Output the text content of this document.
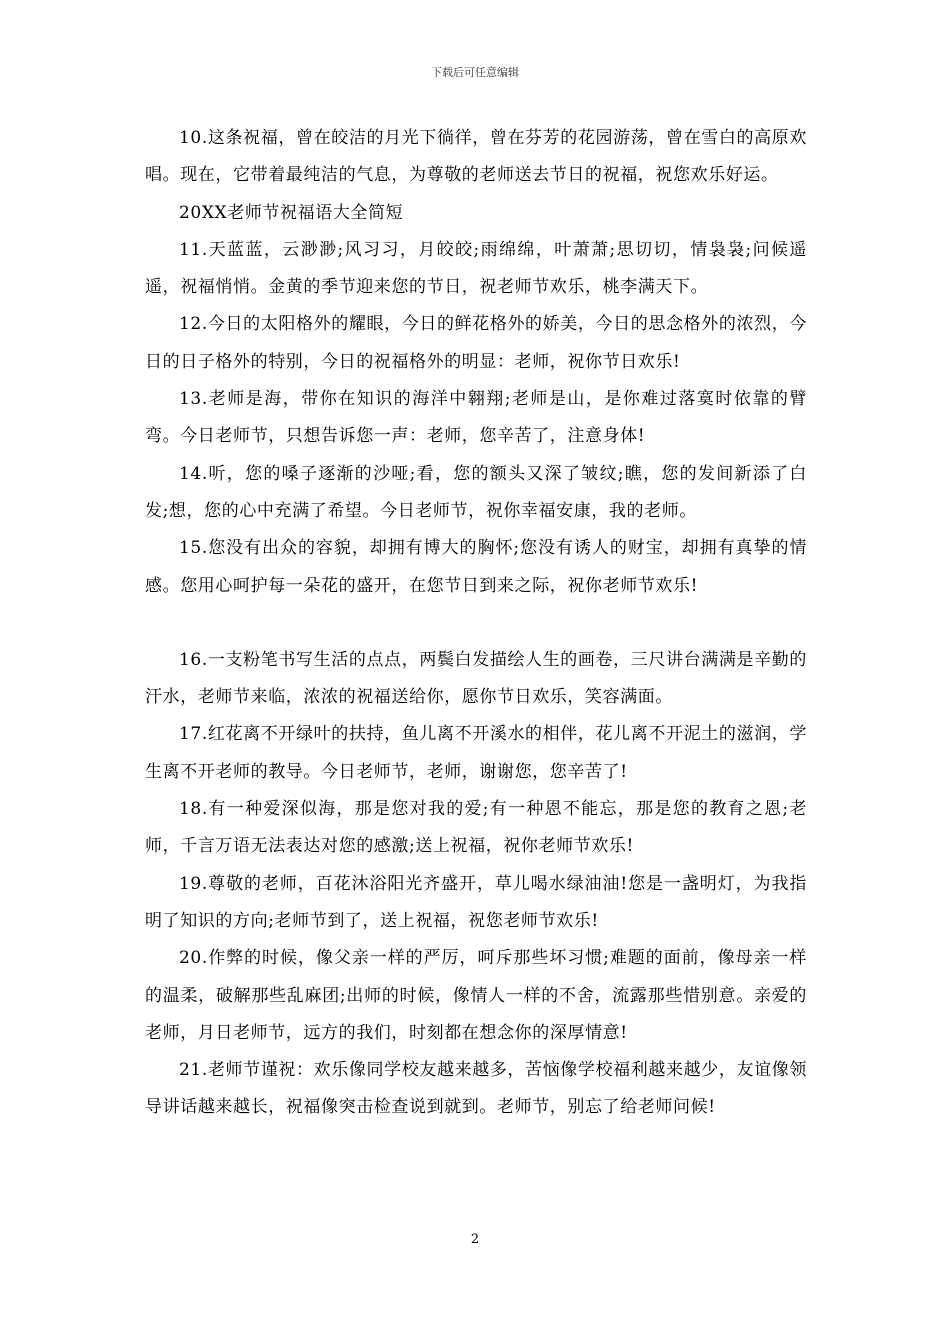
下载后可任意编辑

10.这条祝福，曾在皎洁的月光下徜徉，曾在芬芳的花园游荡，曾在雪白的高原欢唱。现在，它带着最纯洁的气息，为尊敬的老师送去节日的祝福，祝您欢乐好运。

20XX老师节祝福语大全简短

11.天蓝蓝，云渺渺;风习习，月皎皎;雨绵绵，叶萧萧;思切切，情袅袅;问候遥遥，祝福悄悄。金黄的季节迎来您的节日，祝老师节欢乐，桃李满天下。

12.今日的太阳格外的耀眼，今日的鲜花格外的娇美，今日的思念格外的浓烈，今日的日子格外的特别，今日的祝福格外的明显：老师，祝你节日欢乐!

13.老师是海，带你在知识的海洋中翱翔;老师是山，是你难过落寞时依靠的臂弯。今日老师节，只想告诉您一声：老师，您辛苦了，注意身体!

14.听，您的嗓子逐渐的沙哑;看，您的额头又深了皱纹;瞧，您的发间新添了白发;想，您的心中充满了希望。今日老师节，祝你幸福安康，我的老师。

15.您没有出众的容貌，却拥有博大的胸怀;您没有诱人的财宝，却拥有真挚的情感。您用心呵护每一朵花的盛开，在您节日到来之际，祝你老师节欢乐!

16.一支粉笔书写生活的点点，两鬓白发描绘人生的画卷，三尺讲台满满是辛勤的汗水，老师节来临，浓浓的祝福送给你，愿你节日欢乐，笑容满面。

17.红花离不开绿叶的扶持，鱼儿离不开溪水的相伴，花儿离不开泥土的滋润，学生离不开老师的教导。今日老师节，老师，谢谢您，您辛苦了!

18.有一种爱深似海，那是您对我的爱;有一种恩不能忘，那是您的教育之恩;老师，千言万语无法表达对您的感激;送上祝福，祝你老师节欢乐!

19.尊敬的老师，百花沐浴阳光齐盛开，草儿喝水绿油油!您是一盏明灯，为我指明了知识的方向;老师节到了，送上祝福，祝您老师节欢乐!

20.作弊的时候，像父亲一样的严厉，呵斥那些坏习惯;难题的面前，像母亲一样的温柔，破解那些乱麻团;出师的时候，像情人一样的不舍，流露那些惜别意。亲爱的老师，月日老师节，远方的我们，时刻都在想念你的深厚情意!

21.老师节谨祝：欢乐像同学校友越来越多，苦恼像学校福利越来越少，友谊像领导讲话越来越长，祝福像突击检查说到就到。老师节，别忘了给老师问候!

2
